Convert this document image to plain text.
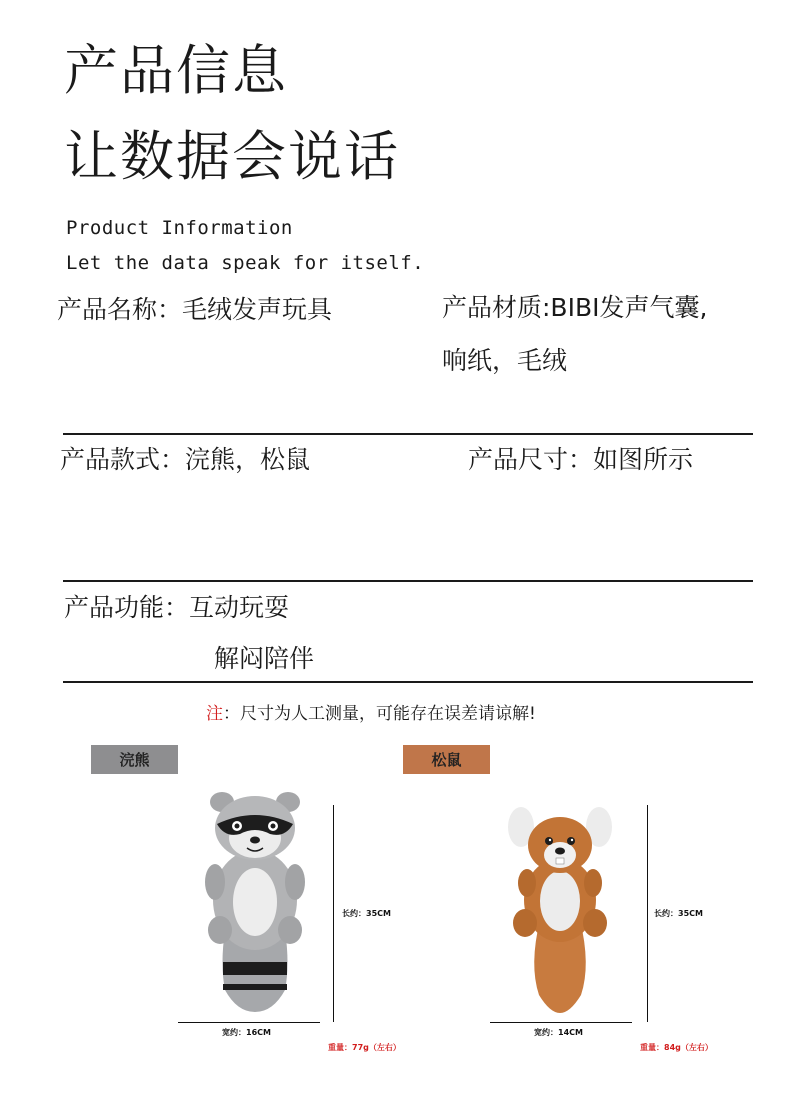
产品信息
让数据会说话
Product Information
Let the data speak for itself.
产品名称：毛绒发声玩具	产品材质:BIBI发声气囊,
响纸，毛绒
产品款式：浣熊，松鼠	产品尺寸：如图所示
产品功能：互动玩耍
解闷陪伴
注：尺寸为人工测量，可能存在误差请谅解!
浣熊
长约：35CM
宽约：16CM
重量：77g（左右）
松鼠
长约：35CM
宽约：14CM
重量：84g（左右）
